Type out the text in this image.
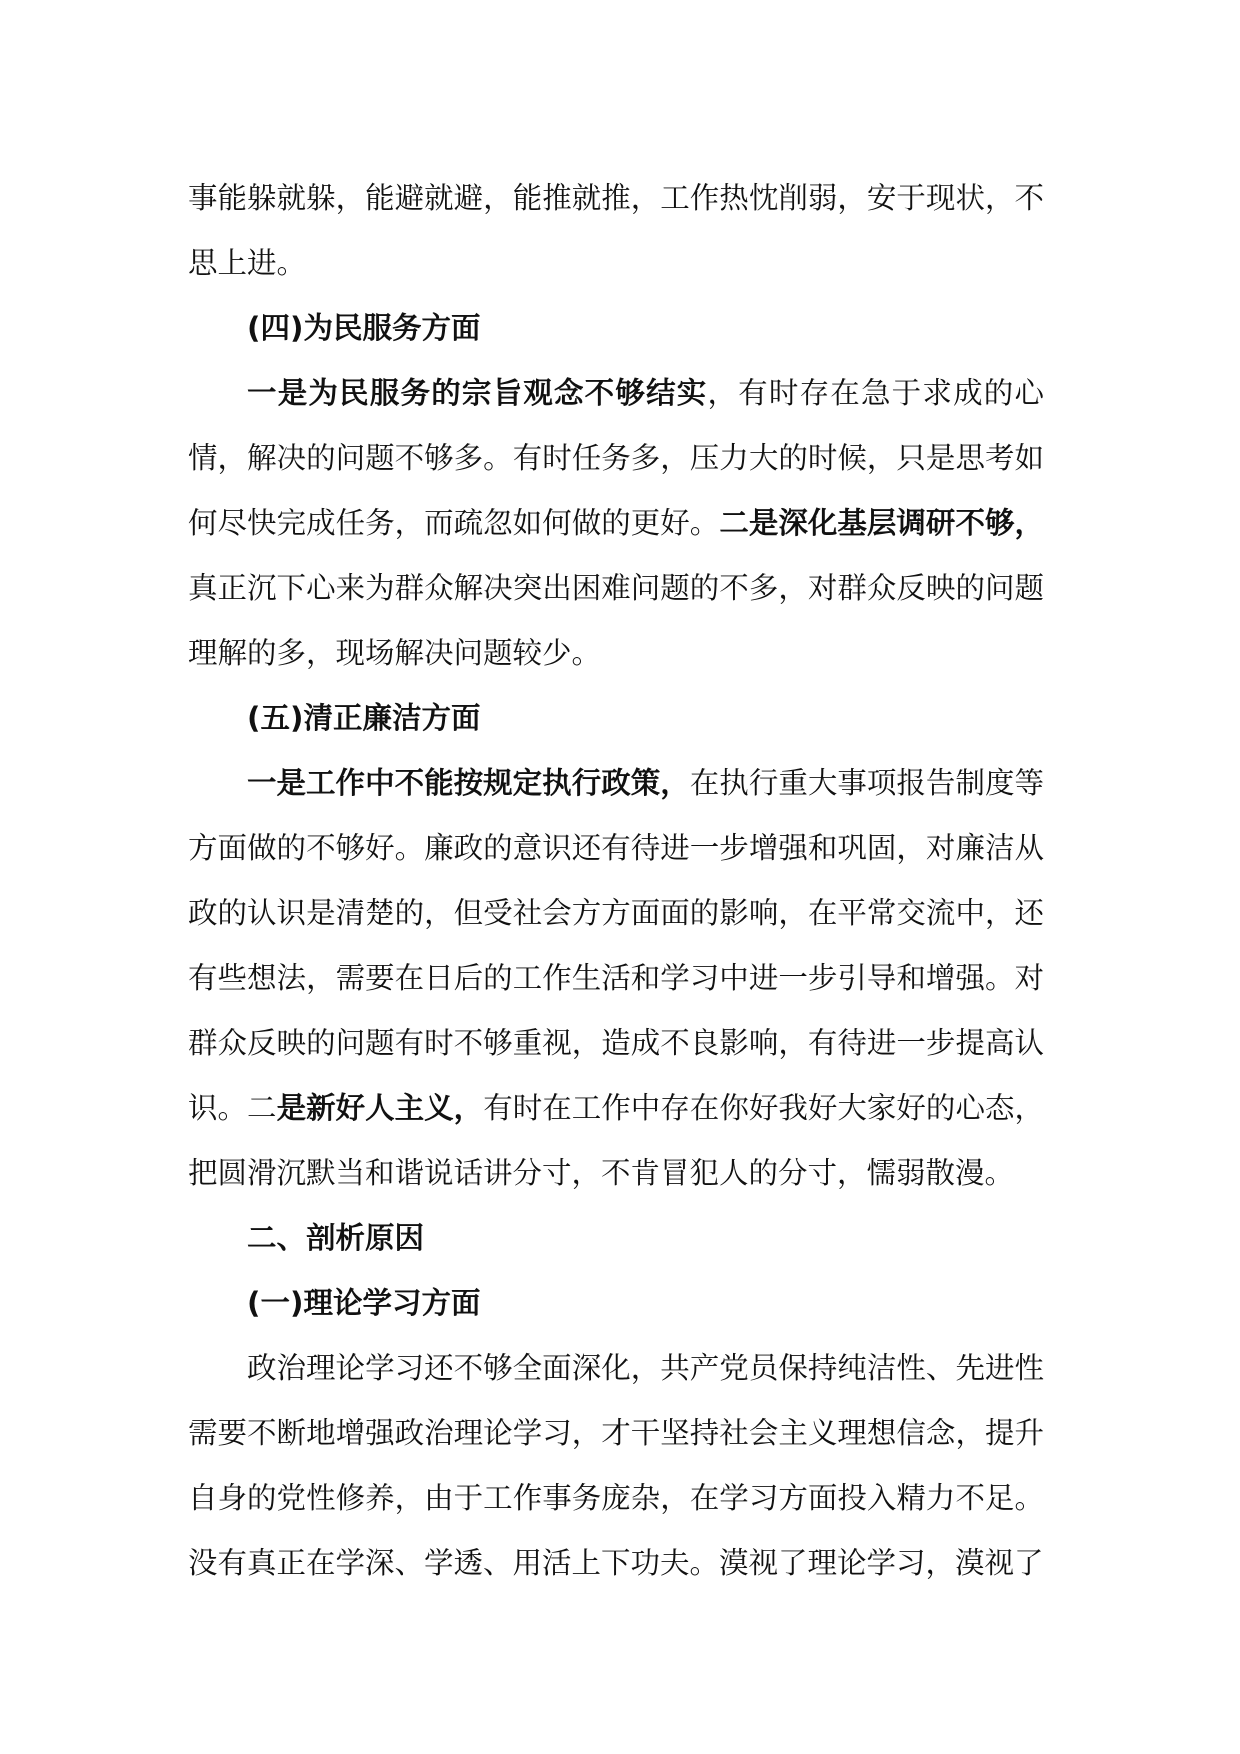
事能躲就躲，能避就避，能推就推，工作热忱削弱，安于现状，不思上进。

(四)为民服务方面

一是为民服务的宗旨观念不够结实，有时存在急于求成的心情，解决的问题不够多。有时任务多，压力大的时候，只是思考如何尽快完成任务，而疏忽如何做的更好。二是深化基层调研不够，真正沉下心来为群众解决突出困难问题的不多，对群众反映的问题理解的多，现场解决问题较少。

(五)清正廉洁方面

一是工作中不能按规定执行政策，在执行重大事项报告制度等方面做的不够好。廉政的意识还有待进一步增强和巩固，对廉洁从政的认识是清楚的，但受社会方方面面的影响，在平常交流中，还有些想法，需要在日后的工作生活和学习中进一步引导和增强。对群众反映的问题有时不够重视，造成不良影响，有待进一步提高认识。二是新好人主义，有时在工作中存在你好我好大家好的心态，把圆滑沉默当和谐说话讲分寸，不肯冒犯人的分寸，懦弱散漫。

二、剖析原因

(一)理论学习方面

政治理论学习还不够全面深化，共产党员保持纯洁性、先进性需要不断地增强政治理论学习，才干坚持社会主义理想信念，提升自身的党性修养，由于工作事务庞杂，在学习方面投入精力不足。没有真正在学深、学透、用活上下功夫。漠视了理论学习，漠视了
